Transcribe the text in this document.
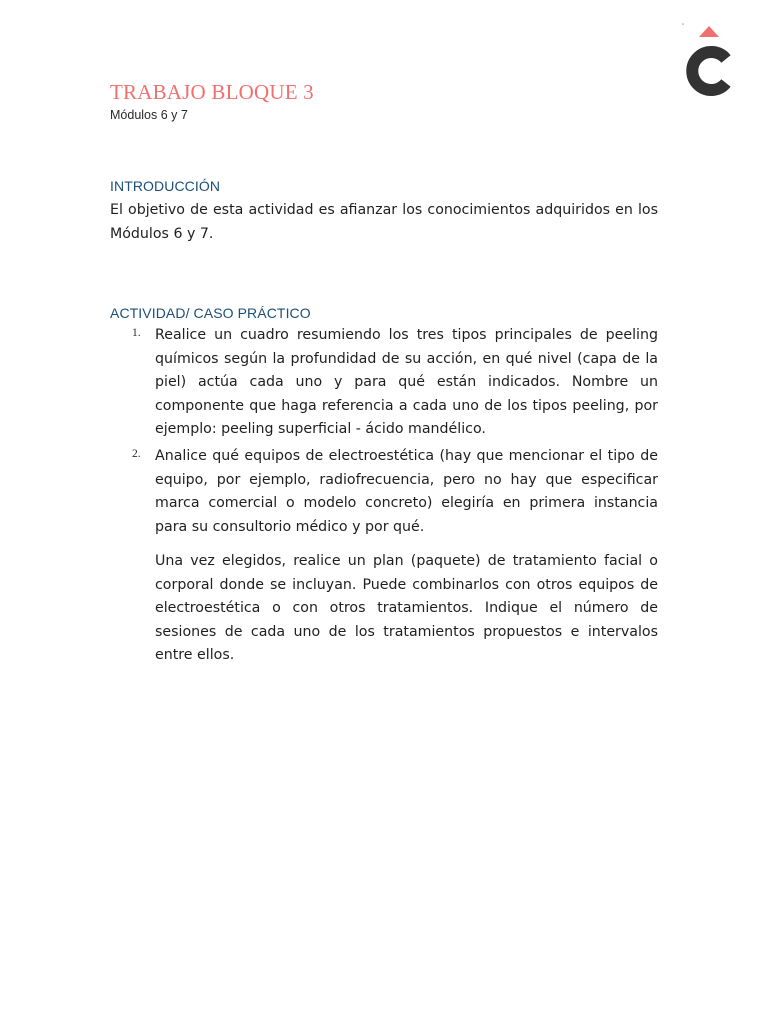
TRABAJO BLOQUE 3
Módulos 6 y 7
INTRODUCCIÓN
El objetivo de esta actividad es afianzar los conocimientos adquiridos en los Módulos 6 y 7.
ACTIVIDAD/ CASO PRÁCTICO
1. Realice un cuadro resumiendo los tres tipos principales de peeling químicos según la profundidad de su acción, en qué nivel (capa de la piel) actúa cada uno y para qué están indicados. Nombre un componente que haga referencia a cada uno de los tipos peeling, por ejemplo: peeling superficial - ácido mandélico.
2. Analice qué equipos de electroestética (hay que mencionar el tipo de equipo, por ejemplo, radiofrecuencia, pero no hay que especificar marca comercial o modelo concreto) elegiría en primera instancia para su consultorio médico y por qué.
Una vez elegidos, realice un plan (paquete) de tratamiento facial o corporal donde se incluyan. Puede combinarlos con otros equipos de electroestética o con otros tratamientos. Indique el número de sesiones de cada uno de los tratamientos propuestos e intervalos entre ellos.
